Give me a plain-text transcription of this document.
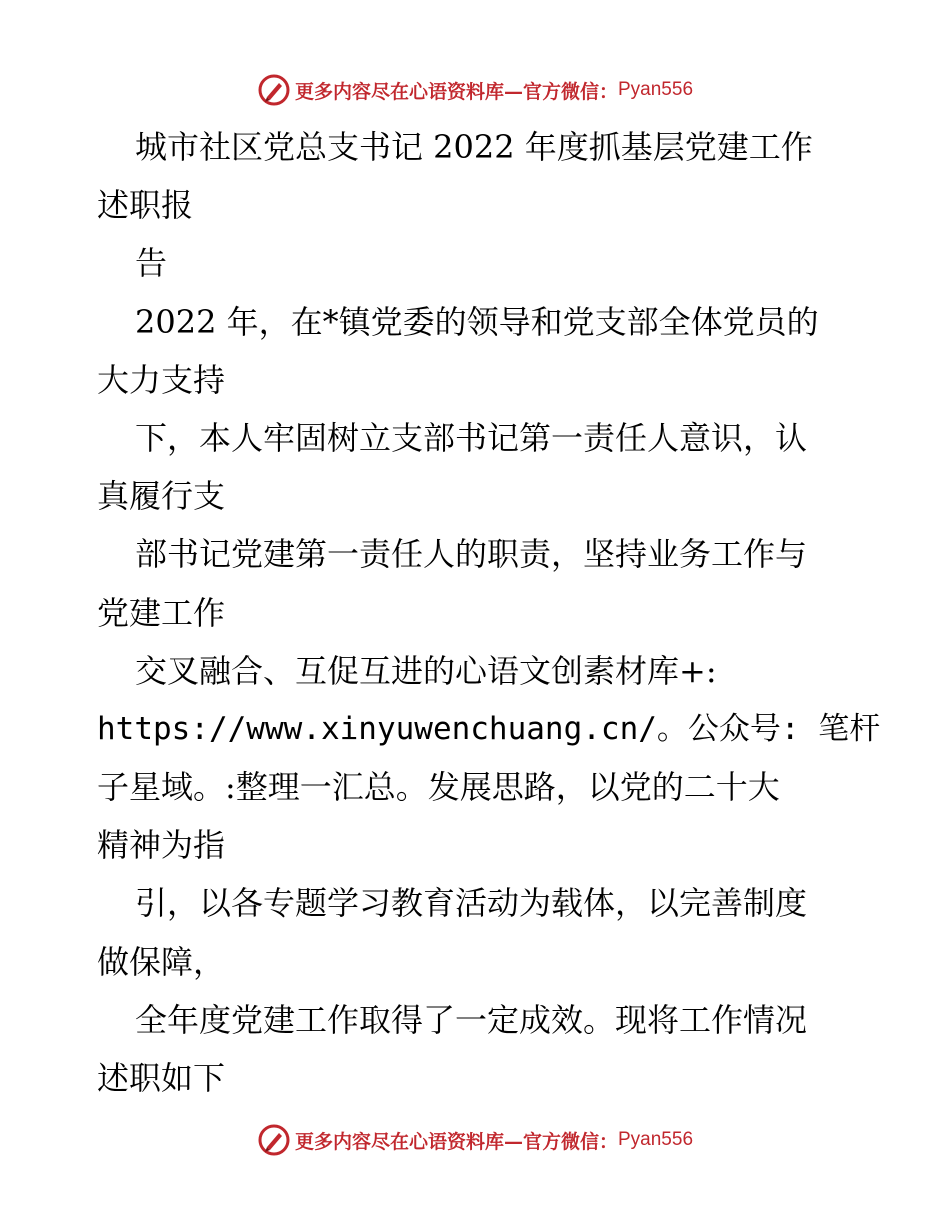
更多内容尽在心语资料库—官方微信： Pyan556
城市社区党总支书记 2022 年度抓基层党建工作
述职报
告
2022 年，在*镇党委的领导和党支部全体党员的
大力支持
下，本人牢固树立支部书记第一责任人意识，认
真履行支
部书记党建第一责任人的职责，坚持业务工作与
党建工作
交叉融合、互促互进的心语文创素材库+:
https://www.xinyuwenchuang.cn/。公众号: 笔杆
子星域。:整理一汇总。发展思路，以党的二十大
精神为指
引，以各专题学习教育活动为载体，以完善制度
做保障，
全年度党建工作取得了一定成效。现将工作情况
述职如下
更多内容尽在心语资料库—官方微信： Pyan556
